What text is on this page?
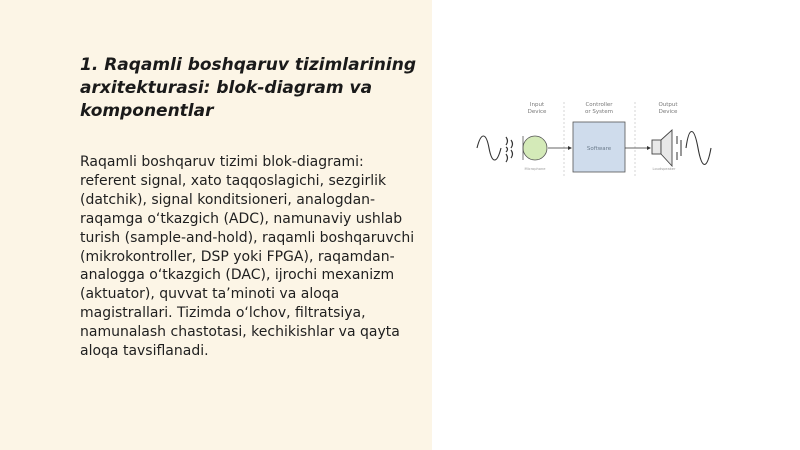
1. Raqamli boshqaruv tizimlarining arxitekturasi: blok-diagram va komponentlar

Raqamli boshqaruv tizimi blok-diagrami: referent signal, xato taqqoslagichi, sezgirlik (datchik), signal konditsioneri, analogdan-raqamga o‘tkazgich (ADC), namunaviy ushlab turish (sample-and-hold), raqamli boshqaruvchi (mikrokontroller, DSP yoki FPGA), raqamdan-analogga o‘tkazgich (DAC), ijrochi mexanizm (aktuator), quvvat ta’minoti va aloqa magistrallari. Tizimda o‘lchov, filtratsiya, namunalash chastotasi, kechikishlar va qayta aloqa tavsiflanadi.

Input
Device
Controller
or System
Output
Device
Microphone
Software
Loudspeaker
